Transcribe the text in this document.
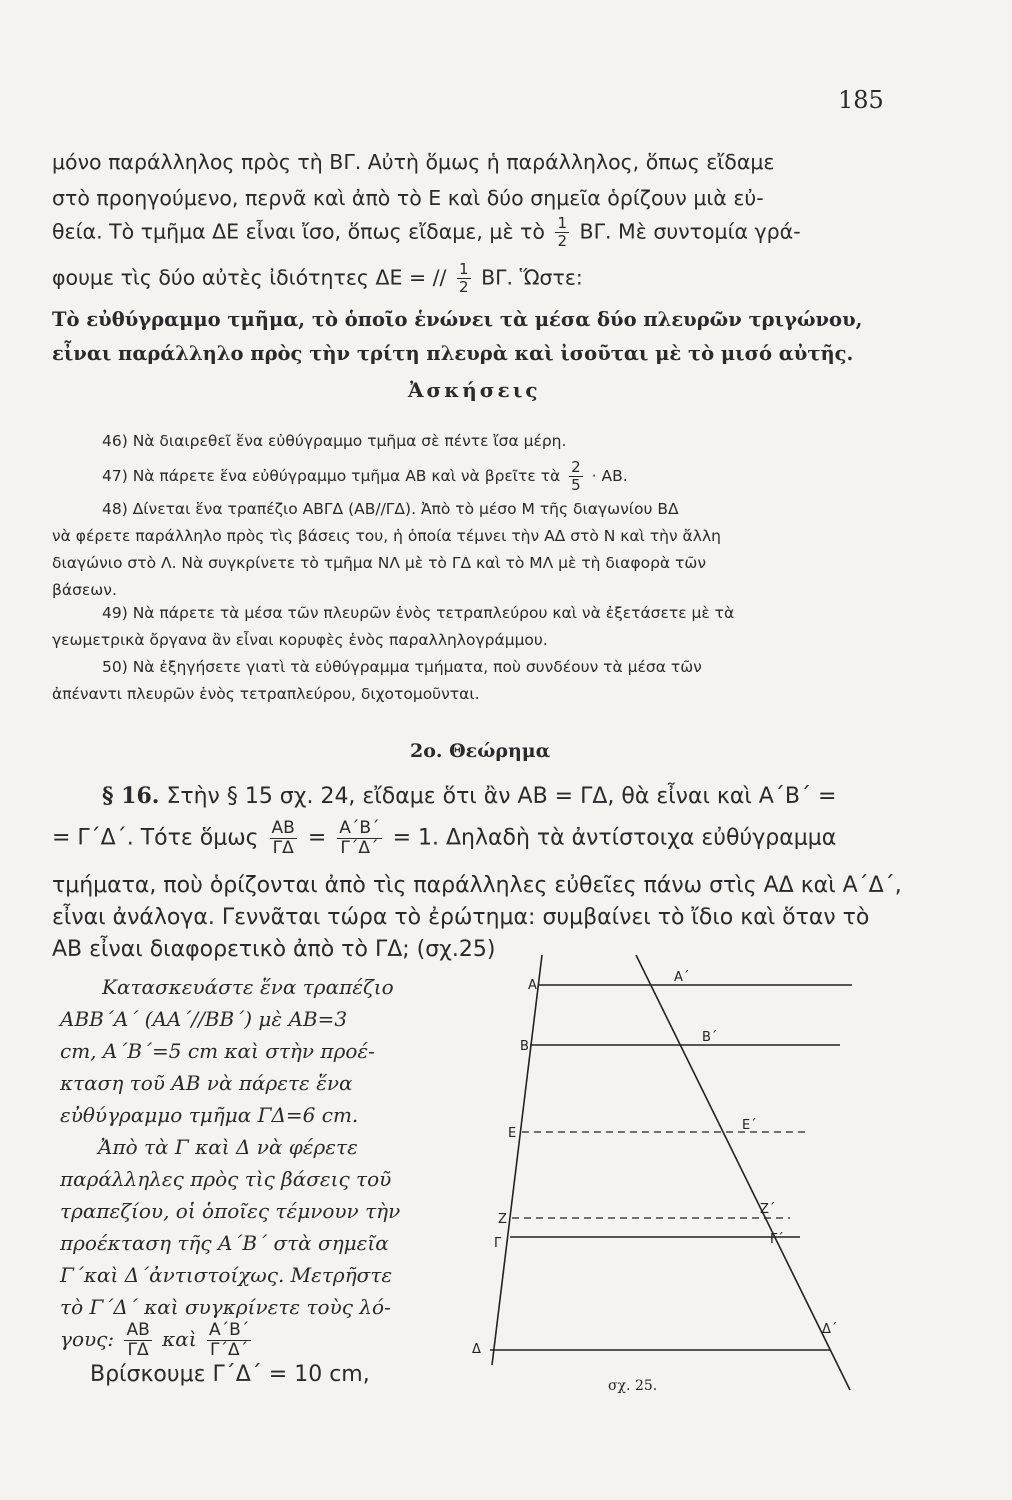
185
μόνο παράλληλος πρὸς τὴ ΒΓ. Αὐτὴ ὅμως ἡ παράλληλος, ὅπως εἴδαμε
στὸ προηγούμενο, περνᾶ καὶ ἀπὸ τὸ Ε καὶ δύο σημεῖα ὁρίζουν μιὰ εὐ-
θεία. Τὸ τμῆμα ΔΕ εἶναι ἴσο, ὅπως εἴδαμε, μὲ τὸ $\frac{1}{2} B\Gamma$. Μὲ συντομία γρά-
φουμε τὶς δύο αὐτὲς ἰδιότητες ΔΕ = // $\frac{1}{2} B\Gamma$. Ὥστε:
Τὸ εὐθύγραμμο τμῆμα, τὸ ὁποῖο ἑνώνει τὰ μέσα δύο πλευρῶν τριγώνου,
εἶναι παράλληλο πρὸς τὴν τρίτη πλευρὰ καὶ ἰσοῦται μὲ τὸ μισό αὐτῆς.
Ἀσκήσεις
46) Νὰ διαιρεθεῖ ἕνα εὐθύγραμμο τμῆμα σὲ πέντε ἴσα μέρη.
47) Νὰ πάρετε ἕνα εὐθύγραμμο τμῆμα ΑΒ καὶ νὰ βρεῖτε τὰ $\frac{2}{5} \cdot AB$.
48) Δίνεται ἕνα τραπέζιο ΑΒΓΔ (ΑΒ//ΓΔ). Ἀπὸ τὸ μέσο Μ τῆς διαγωνίου ΒΔ
νὰ φέρετε παράλληλο πρὸς τὶς βάσεις του, ἡ ὁποία τέμνει τὴν ΑΔ στὸ Ν καὶ τὴν ἄλλη
διαγώνιο στὸ Λ. Νὰ συγκρίνετε τὸ τμῆμα ΝΛ μὲ τὸ ΓΔ καὶ τὸ ΜΛ μὲ τὴ διαφορὰ τῶν
βάσεων.
49) Νὰ πάρετε τὰ μέσα τῶν πλευρῶν ἑνὸς τετραπλεύρου καὶ νὰ ἐξετάσετε μὲ τὰ
γεωμετρικὰ ὄργανα ἂν εἶναι κορυφὲς ἑνὸς παραλληλογράμμου.
50) Νὰ ἐξηγήσετε γιατὶ τὰ εὐθύγραμμα τμήματα, ποὺ συνδέουν τὰ μέσα τῶν
ἀπέναντι πλευρῶν ἑνὸς τετραπλεύρου, διχοτομοῦνται.
2ο. Θεώρημα
§ 16. Στὴν § 15 σχ. 24, εἴδαμε ὅτι ἂν ΑΒ = ΓΔ, θὰ εἶναι καὶ Α΄Β΄ =
= Γ΄Δ΄. Τότε ὅμως $\frac{AB}{\Gamma\Delta} = \frac{A΄B΄}{\Gamma΄\Delta΄} = 1$. Δηλαδὴ τὰ ἀντίστοιχα εὐθύγραμμα
τμήματα, ποὺ ὁρίζονται ἀπὸ τὶς παράλληλες εὐθεῖες πάνω στὶς ΑΔ καὶ Α΄Δ΄,
εἶναι ἀνάλογα. Γεννᾶται τώρα τὸ ἐρώτημα: συμβαίνει τὸ ἴδιο καὶ ὅταν τὸ
ΑΒ εἶναι διαφορετικὸ ἀπὸ τὸ ΓΔ; (σχ.25)
Κατασκευάστε ἕνα τραπέζιο
ΑΒΒ΄Α΄ (ΑΑ΄//ΒΒ΄) μὲ ΑΒ=3
cm, Α΄Β΄=5 cm καὶ στὴν προέ-
κταση τοῦ ΑΒ νὰ πάρετε ἕνα
εὐθύγραμμο τμῆμα ΓΔ=6 cm.
Ἀπὸ τὰ Γ καὶ Δ νὰ φέρετε
παράλληλες πρὸς τὶς βάσεις τοῦ
τραπεζίου, οἱ ὁποῖες τέμνουν τὴν
προέκταση τῆς Α΄Β΄ στὰ σημεῖα
Γ΄καὶ Δ΄ἀντιστοίχως. Μετρῆστε
τὸ Γ΄Δ΄ καὶ συγκρίνετε τοὺς λό-
γους: $\frac{AB}{\Gamma\Delta}$ καὶ $\frac{A΄B΄}{\Gamma΄\Delta΄}$
Βρίσκουμε Γ΄Δ΄ = 10 cm,
Α
Α΄
Β
Β΄
Ε
Ε΄
Ζ
Ζ΄
Γ	Γ΄
Δ
Δ΄
σχ. 25.
